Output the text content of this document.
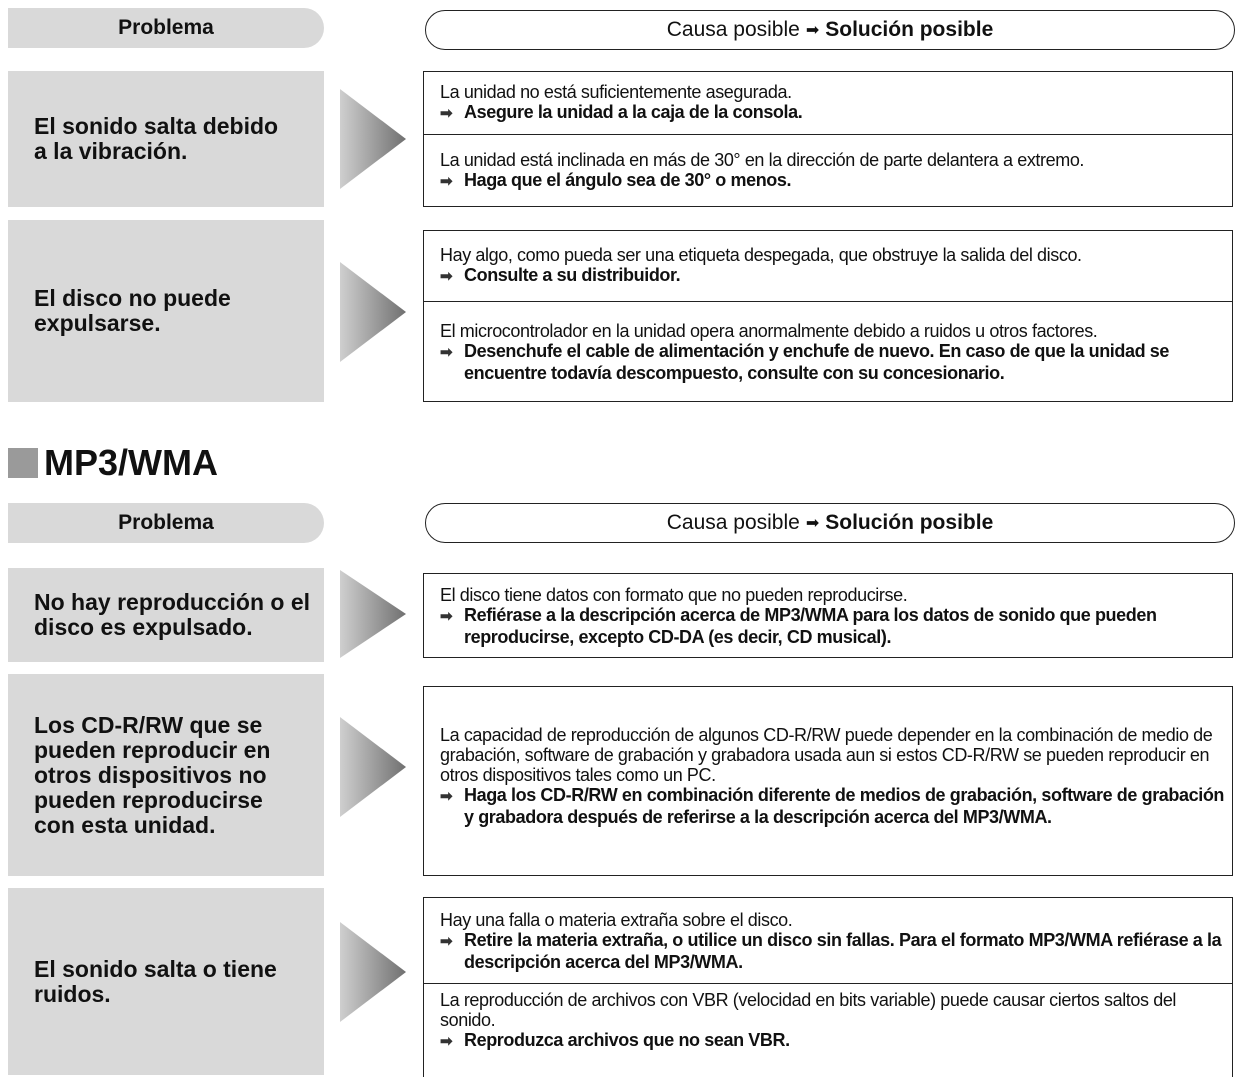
Problema	Causa posible ➡ Solución posible
El sonido salta debido a la vibración.
La unidad no está suficientemente asegurada.
➡ Asegure la unidad a la caja de la consola.
La unidad está inclinada en más de 30° en la dirección de parte delantera a extremo.
➡ Haga que el ángulo sea de 30° o menos.
El disco no puede expulsarse.
Hay algo, como pueda ser una etiqueta despegada, que obstruye la salida del disco.
➡ Consulte a su distribuidor.
El microcontrolador en la unidad opera anormalmente debido a ruidos u otros factores.
➡ Desenchufe el cable de alimentación y enchufe de nuevo. En caso de que la unidad se encuentre todavía descompuesto, consulte con su concesionario.
MP3/WMA
Problema	Causa posible ➡ Solución posible
No hay reproducción o el disco es expulsado.
El disco tiene datos con formato que no pueden reproducirse.
➡ Refiérase a la descripción acerca de MP3/WMA para los datos de sonido que pueden reproducirse, excepto CD-DA (es decir, CD musical).
Los CD-R/RW que se pueden reproducir en otros dispositivos no pueden reproducirse con esta unidad.
La capacidad de reproducción de algunos CD-R/RW puede depender en la combinación de medio de grabación, software de grabación y grabadora usada aun si estos CD-R/RW se pueden reproducir en otros dispositivos tales como un PC.
➡ Haga los CD-R/RW en combinación diferente de medios de grabación, software de grabación y grabadora después de referirse a la descripción acerca del MP3/WMA.
El sonido salta o tiene ruidos.
Hay una falla o materia extraña sobre el disco.
➡ Retire la materia extraña, o utilice un disco sin fallas. Para el formato MP3/WMA refiérase a la descripción acerca del MP3/WMA.
La reproducción de archivos con VBR (velocidad en bits variable) puede causar ciertos saltos del sonido.
➡ Reproduzca archivos que no sean VBR.
